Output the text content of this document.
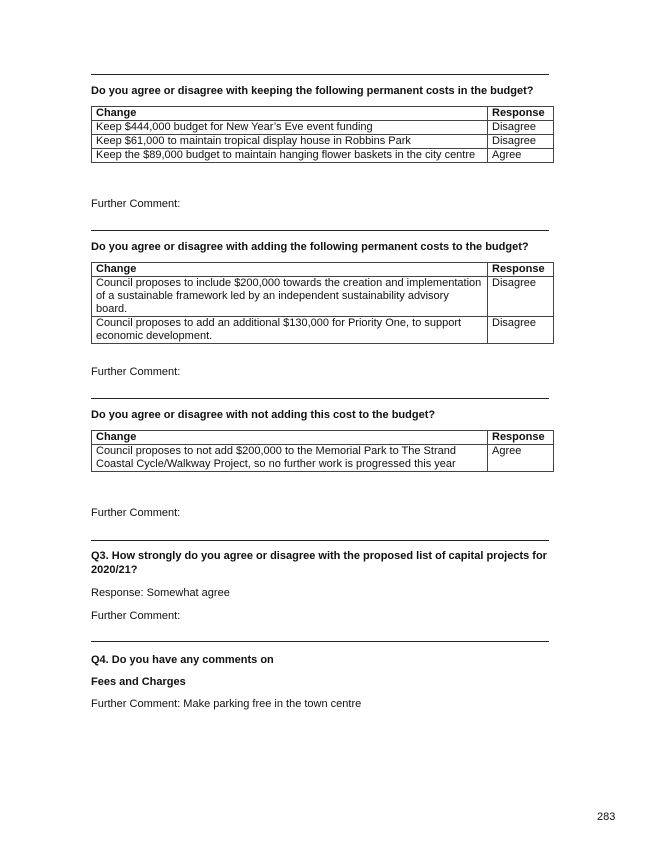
Do you agree or disagree with keeping the following permanent costs in the budget?
Change	Response
Keep $444,000 budget for New Year’s Eve event funding	Disagree
Keep $61,000 to maintain tropical display house in Robbins Park	Disagree
Keep the $89,000 budget to maintain hanging flower baskets in the city centre	Agree
Further Comment:
Do you agree or disagree with adding the following permanent costs to the budget?
Change	Response
Council proposes to include $200,000 towards the creation and implementation of a sustainable framework led by an independent sustainability advisory board.	Disagree
Council proposes to add an additional $130,000 for Priority One, to support economic development.	Disagree
Further Comment:
Do you agree or disagree with not adding this cost to the budget?
Change	Response
Council proposes to not add $200,000 to the Memorial Park to The Strand Coastal Cycle/Walkway Project, so no further work is progressed this year	Agree
Further Comment:
Q3. How strongly do you agree or disagree with the proposed list of capital projects for 2020/21?
Response: Somewhat agree
Further Comment:
Q4. Do you have any comments on
Fees and Charges
Further Comment: Make parking free in the town centre
283
